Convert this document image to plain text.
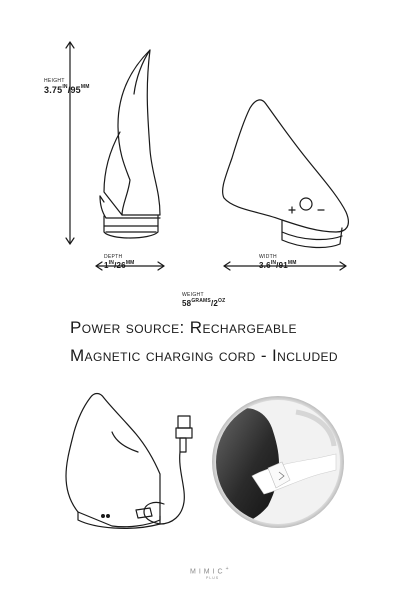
HEIGHT
$3.75^{IN}/95^{MM}$
DEPTH
$1^{IN}/26^{MM}$
WIDTH
$3.6^{IN}/91^{MM}$
WEIGHT
$58^{GRAMS}/2^{OZ}$
Power source: Rechargeable
Magnetic charging cord - Included
MIMIC+
PLUS
